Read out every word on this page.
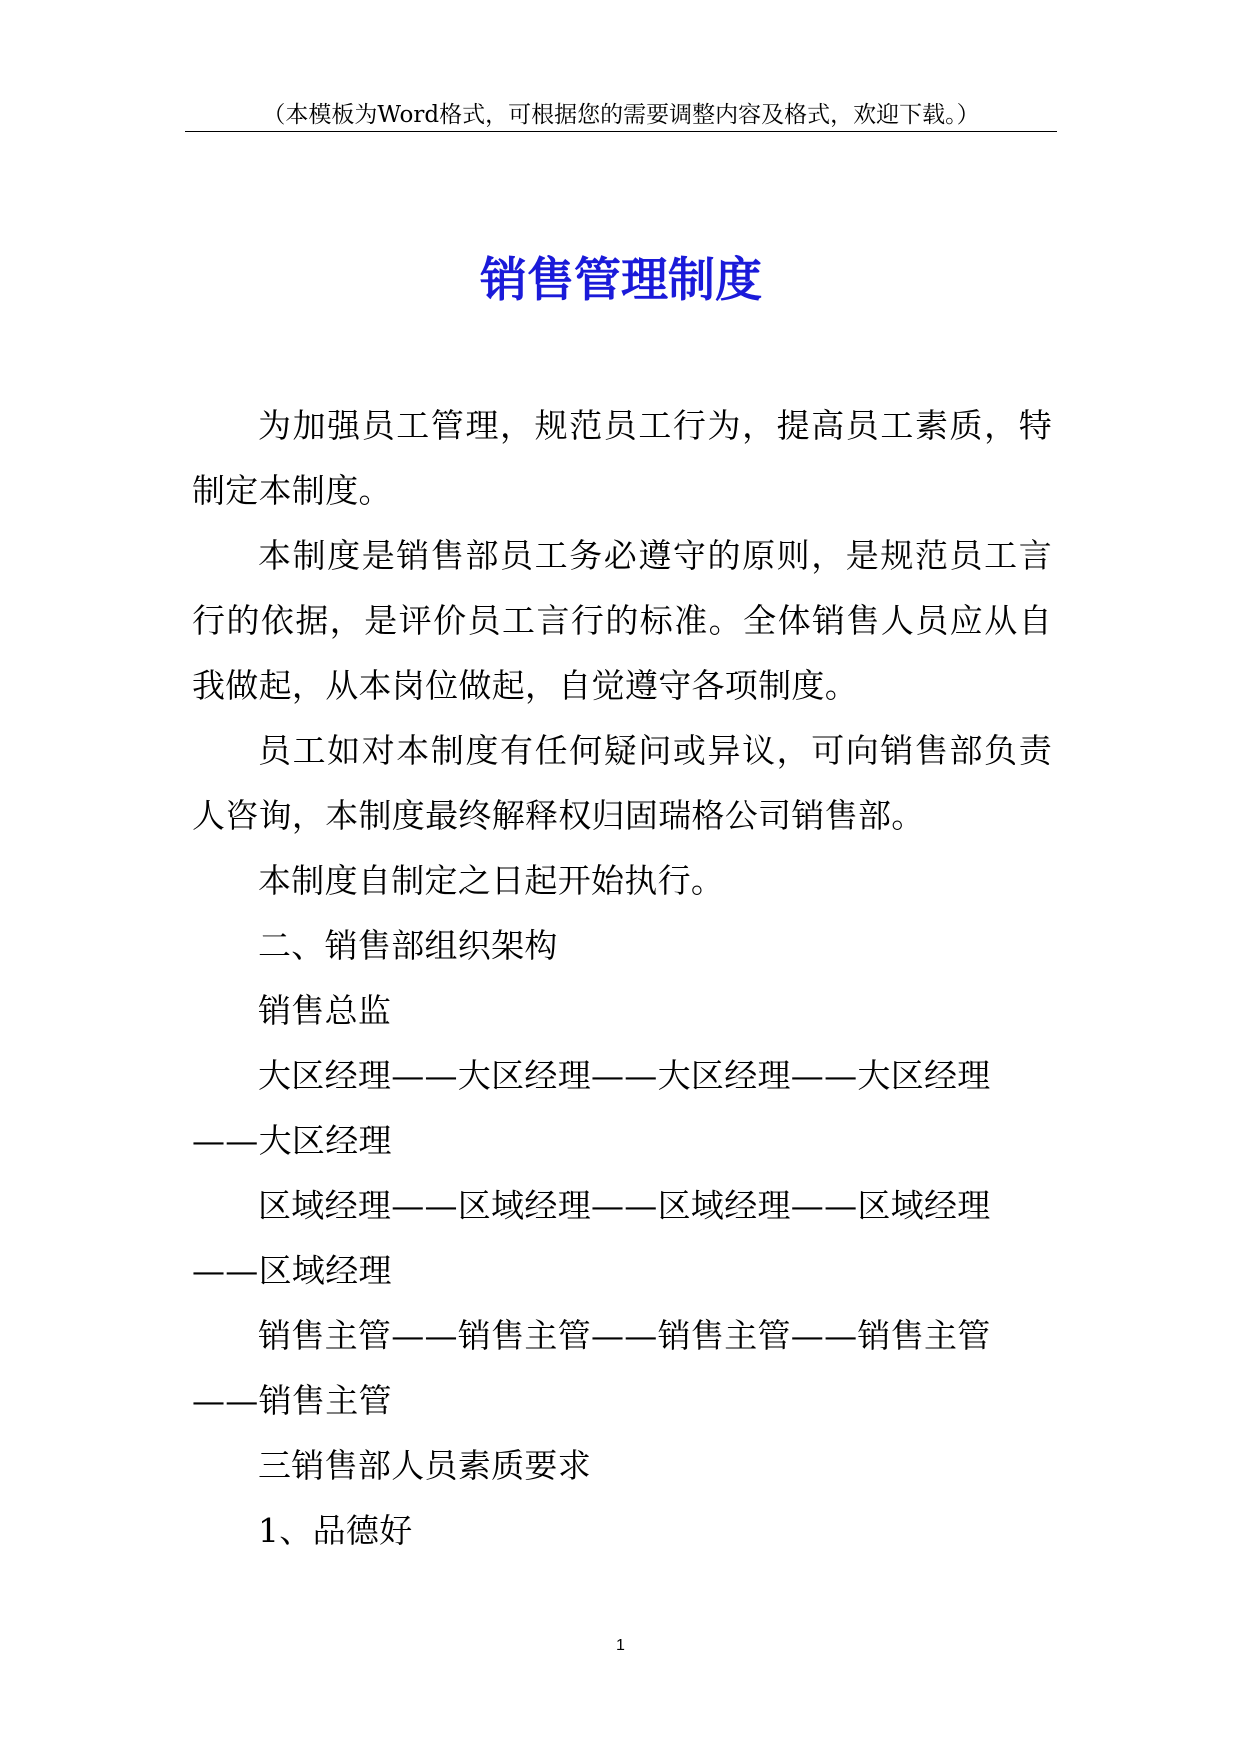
（本模板为Word格式，可根据您的需要调整内容及格式，欢迎下载。）
销售管理制度

为加强员工管理，规范员工行为，提高员工素质，特制定本制度。

本制度是销售部员工务必遵守的原则，是规范员工言行的依据，是评价员工言行的标准。全体销售人员应从自我做起，从本岗位做起，自觉遵守各项制度。

员工如对本制度有任何疑问或异议，可向销售部负责人咨询，本制度最终解释权归固瑞格公司销售部。

本制度自制定之日起开始执行。

二、销售部组织架构

销售总监

大区经理——大区经理——大区经理——大区经理

——大区经理

区域经理——区域经理——区域经理——区域经理

——区域经理

销售主管——销售主管——销售主管——销售主管

——销售主管

三销售部人员素质要求

1、品德好

1
